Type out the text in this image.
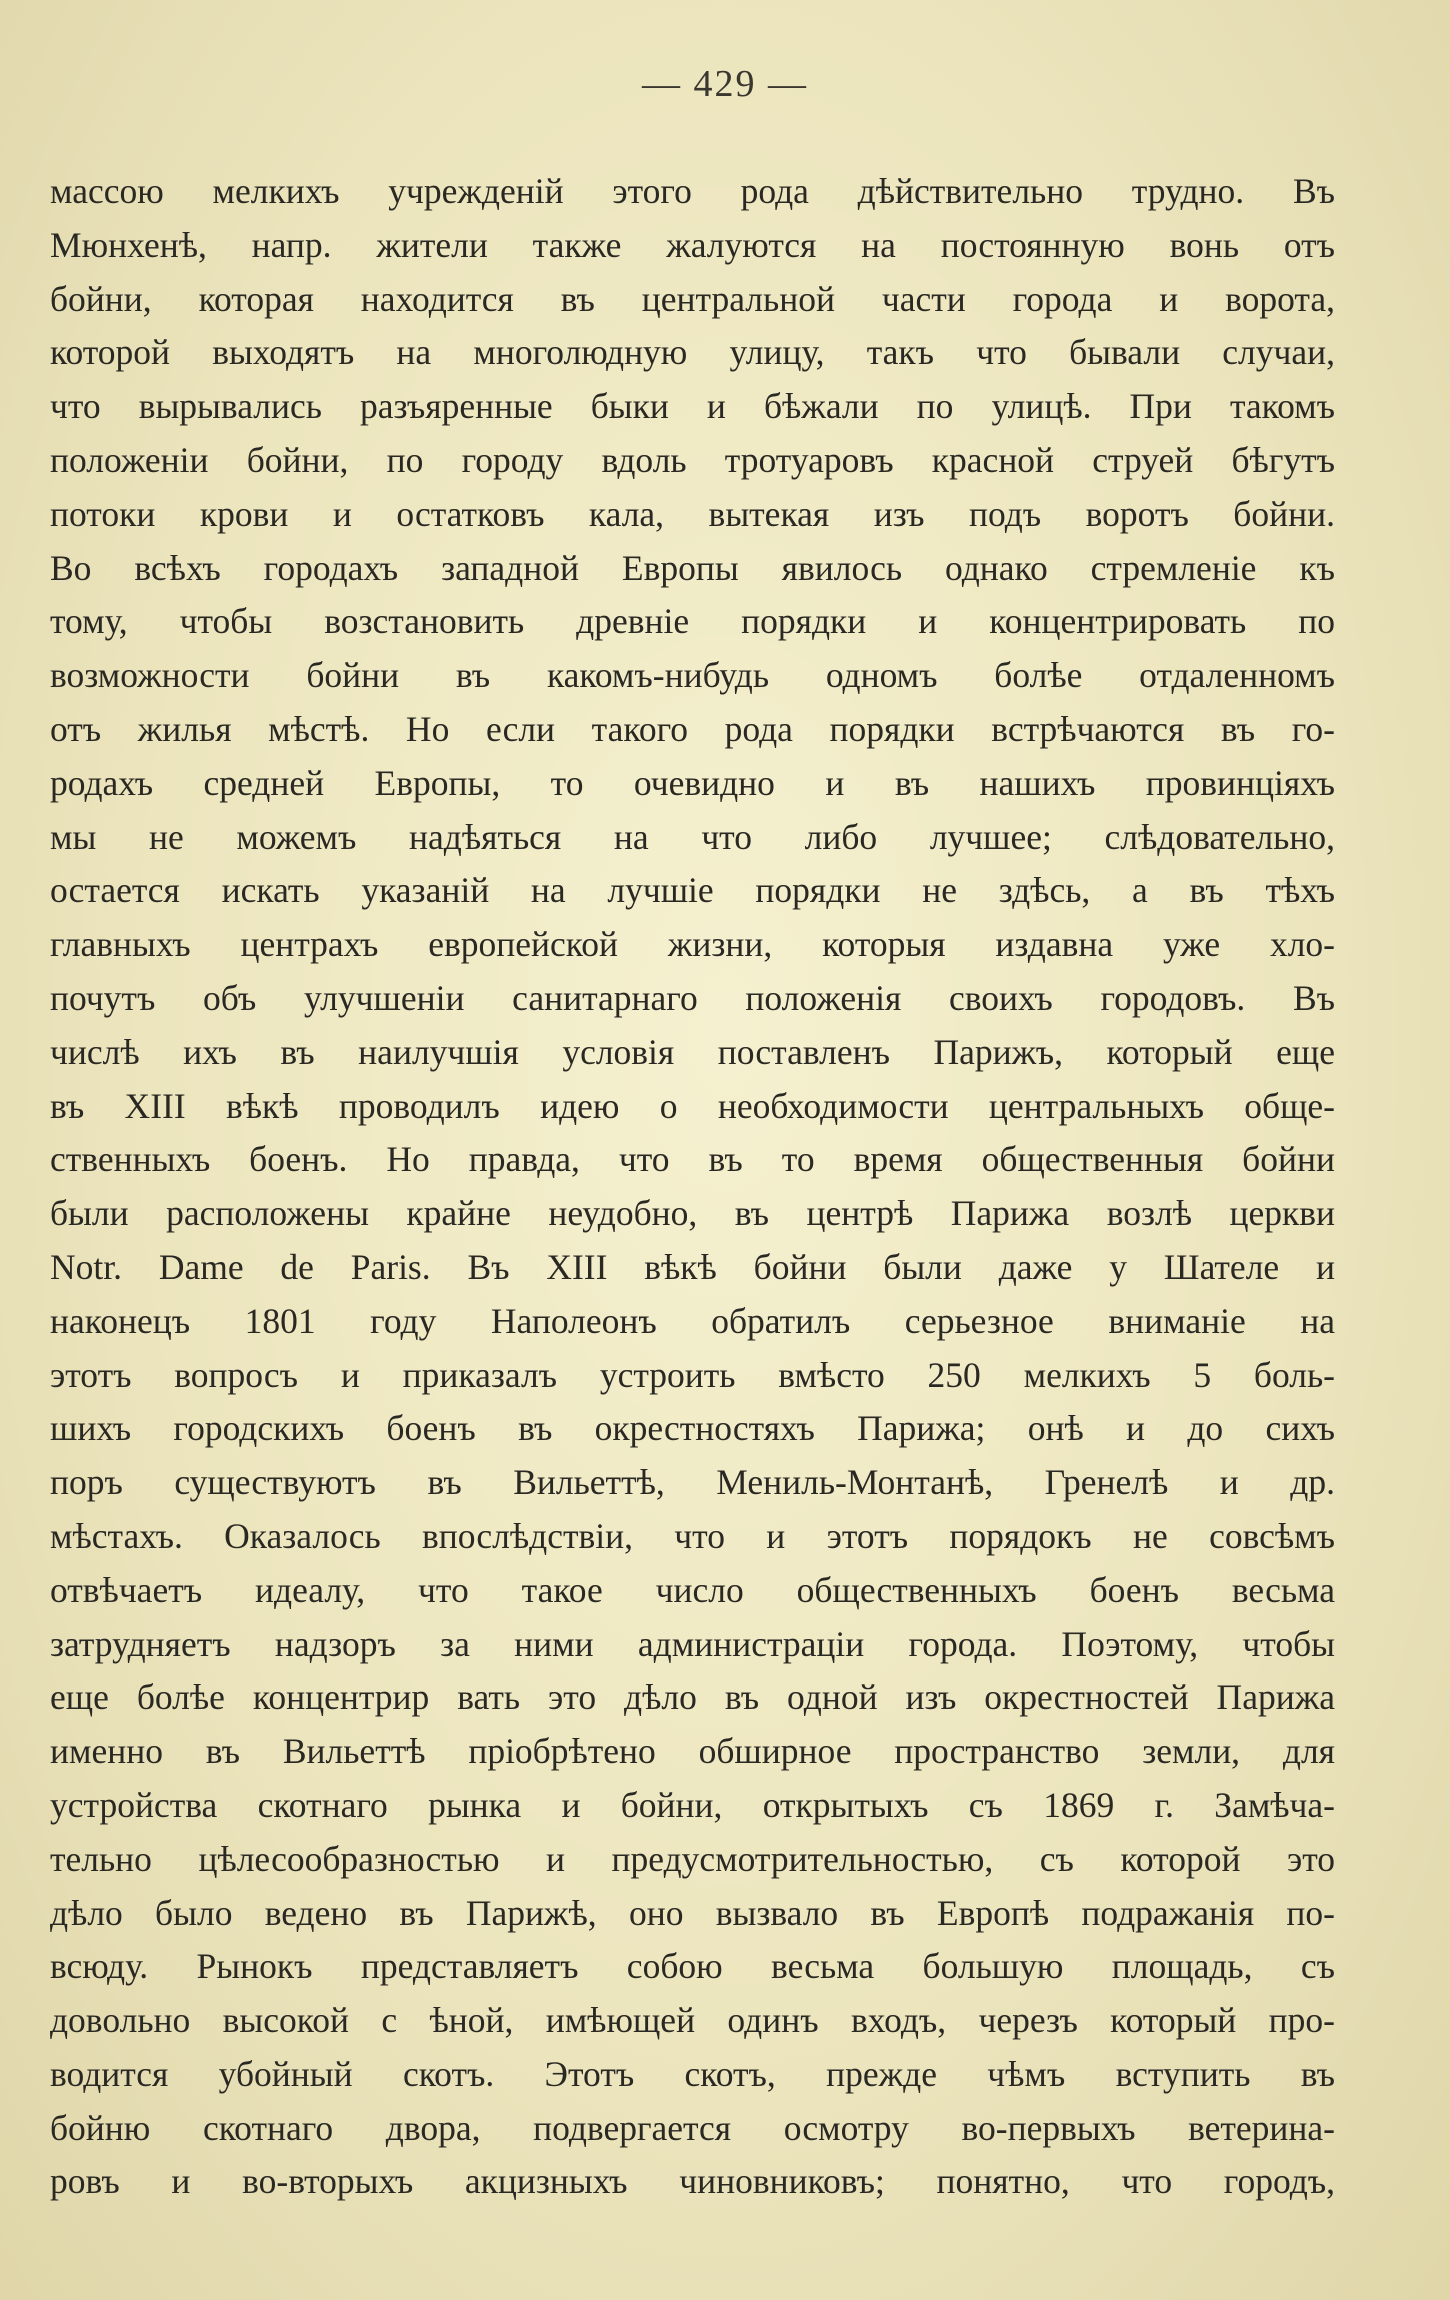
— 429 —
массою мелкихъ учрежденій этого рода дѣйствительно трудно. Въ
Мюнхенѣ, напр. жители также жалуются на постоянную вонь отъ
бойни, которая находится въ центральной части города и ворота,
которой выходятъ на многолюдную улицу, такъ что бывали случаи,
что вырывались разъяренные быки и бѣжали по улицѣ. При такомъ
положеніи бойни, по городу вдоль тротуаровъ красной струей бѣгутъ
потоки крови и остатковъ кала, вытекая изъ подъ воротъ бойни.
Во всѣхъ городахъ западной Европы явилось однако стремленіе къ
тому, чтобы возстановить древніе порядки и концентрировать по
возможности бойни въ какомъ-нибудь одномъ болѣе отдаленномъ
отъ жилья мѣстѣ. Но если такого рода порядки встрѣчаются въ го-
родахъ средней Европы, то очевидно и въ нашихъ провинціяхъ
мы не можемъ надѣяться на что либо лучшее; слѣдовательно,
остается искать указаній на лучшіе порядки не здѣсь, а въ тѣхъ
главныхъ центрахъ европейской жизни, которыя издавна уже хло-
почутъ объ улучшеніи санитарнаго положенія своихъ городовъ. Въ
числѣ ихъ въ наилучшія условія поставленъ Парижъ, который еще
въ XIII вѣкѣ проводилъ идею о необходимости центральныхъ обще-
ственныхъ боенъ. Но правда, что въ то время общественныя бойни
были расположены крайне неудобно, въ центрѣ Парижа возлѣ церкви
Notr. Dame de Paris. Въ XIII вѣкѣ бойни были даже у Шателе и
наконецъ 1801 году Наполеонъ обратилъ серьезное вниманіе на
этотъ вопросъ и приказалъ устроить вмѣсто 250 мелкихъ 5 боль-
шихъ городскихъ боенъ въ окрестностяхъ Парижа; онѣ и до сихъ
поръ существуютъ въ Вильеттѣ, Мениль-Монтанѣ, Гренелѣ и др.
мѣстахъ. Оказалось впослѣдствіи, что и этотъ порядокъ не совсѣмъ
отвѣчаетъ идеалу, что такое число общественныхъ боенъ весьма
затрудняетъ надзоръ за ними администраціи города. Поэтому, чтобы
еще болѣе концентрир вать это дѣло въ одной изъ окрестностей Парижа
именно въ Вильеттѣ пріобрѣтено обширное пространство земли, для
устройства скотнаго рынка и бойни, открытыхъ съ 1869 г. Замѣча-
тельно цѣлесообразностью и предусмотрительностью, съ которой это
дѣло было ведено въ Парижѣ, оно вызвало въ Европѣ подражанія по-
всюду. Рынокъ представляетъ собою весьма большую площадь, съ
довольно высокой с ѣной, имѣющей одинъ входъ, черезъ который про-
водится убойный скотъ. Этотъ скотъ, прежде чѣмъ вступить въ
бойню скотнаго двора, подвергается осмотру во-первыхъ ветерина-
ровъ и во-вторыхъ акцизныхъ чиновниковъ; понятно, что городъ,
